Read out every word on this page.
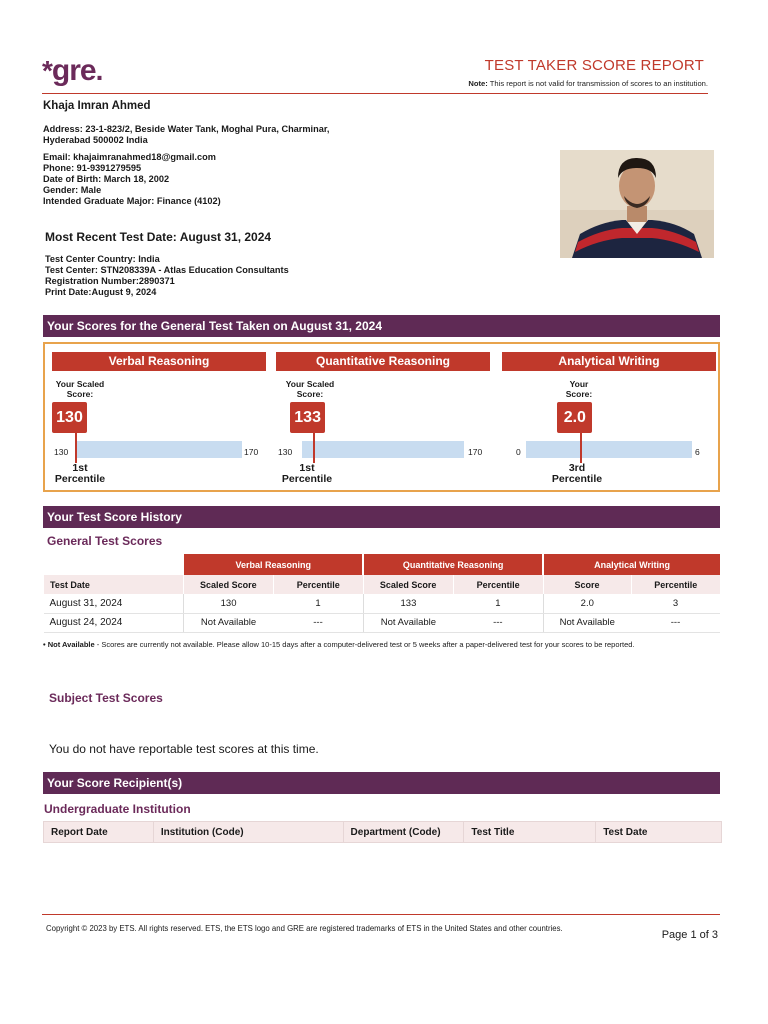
*gre.	TEST TAKER SCORE REPORT
Note: This report is not valid for transmission of scores to an institution.
Khaja Imran Ahmed
Address: 23-1-823/2, Beside Water Tank, Moghal Pura, Charminar,
Hyderabad 500002 India
Email: khajaimranahmed18@gmail.com
Phone: 91-9391279595
Date of Birth: March 18, 2002
Gender: Male
Intended Graduate Major: Finance (4102)
Most Recent Test Date: August 31, 2024
Test Center Country: India
Test Center: STN208339A - Atlas Education Consultants
Registration Number:2890371
Print Date:August 9, 2024
Your Scores for the General Test Taken on August 31, 2024
Verbal Reasoning
Your Scaled
Score:
130
130	170
1st
Percentile
Quantitative Reasoning
Your Scaled
Score:
133
130	170
1st
Percentile
Analytical Writing
Your
Score:
2.0
0	6
3rd
Percentile
Your Test Score History
General Test Scores
	Verbal Reasoning		Quantitative Reasoning		Analytical Writing	
Test Date	Scaled Score	Percentile	Scaled Score	Percentile	Score	Percentile
August 31, 2024	130	1	133	1	2.0	3
August 24, 2024	Not Available	---	Not Available	---	Not Available	---
• Not Available - Scores are currently not available. Please allow 10-15 days after a computer-delivered test or 5 weeks after a paper-delivered test for your scores to be reported.
Subject Test Scores
You do not have reportable test scores at this time.
Your Score Recipient(s)
Undergraduate Institution
Report Date	Institution (Code)	Department (Code)	Test Title	Test Date
Copyright © 2023 by ETS. All rights reserved. ETS, the ETS logo and GRE are registered trademarks of ETS in the United States and other countries.
Page 1 of 3
